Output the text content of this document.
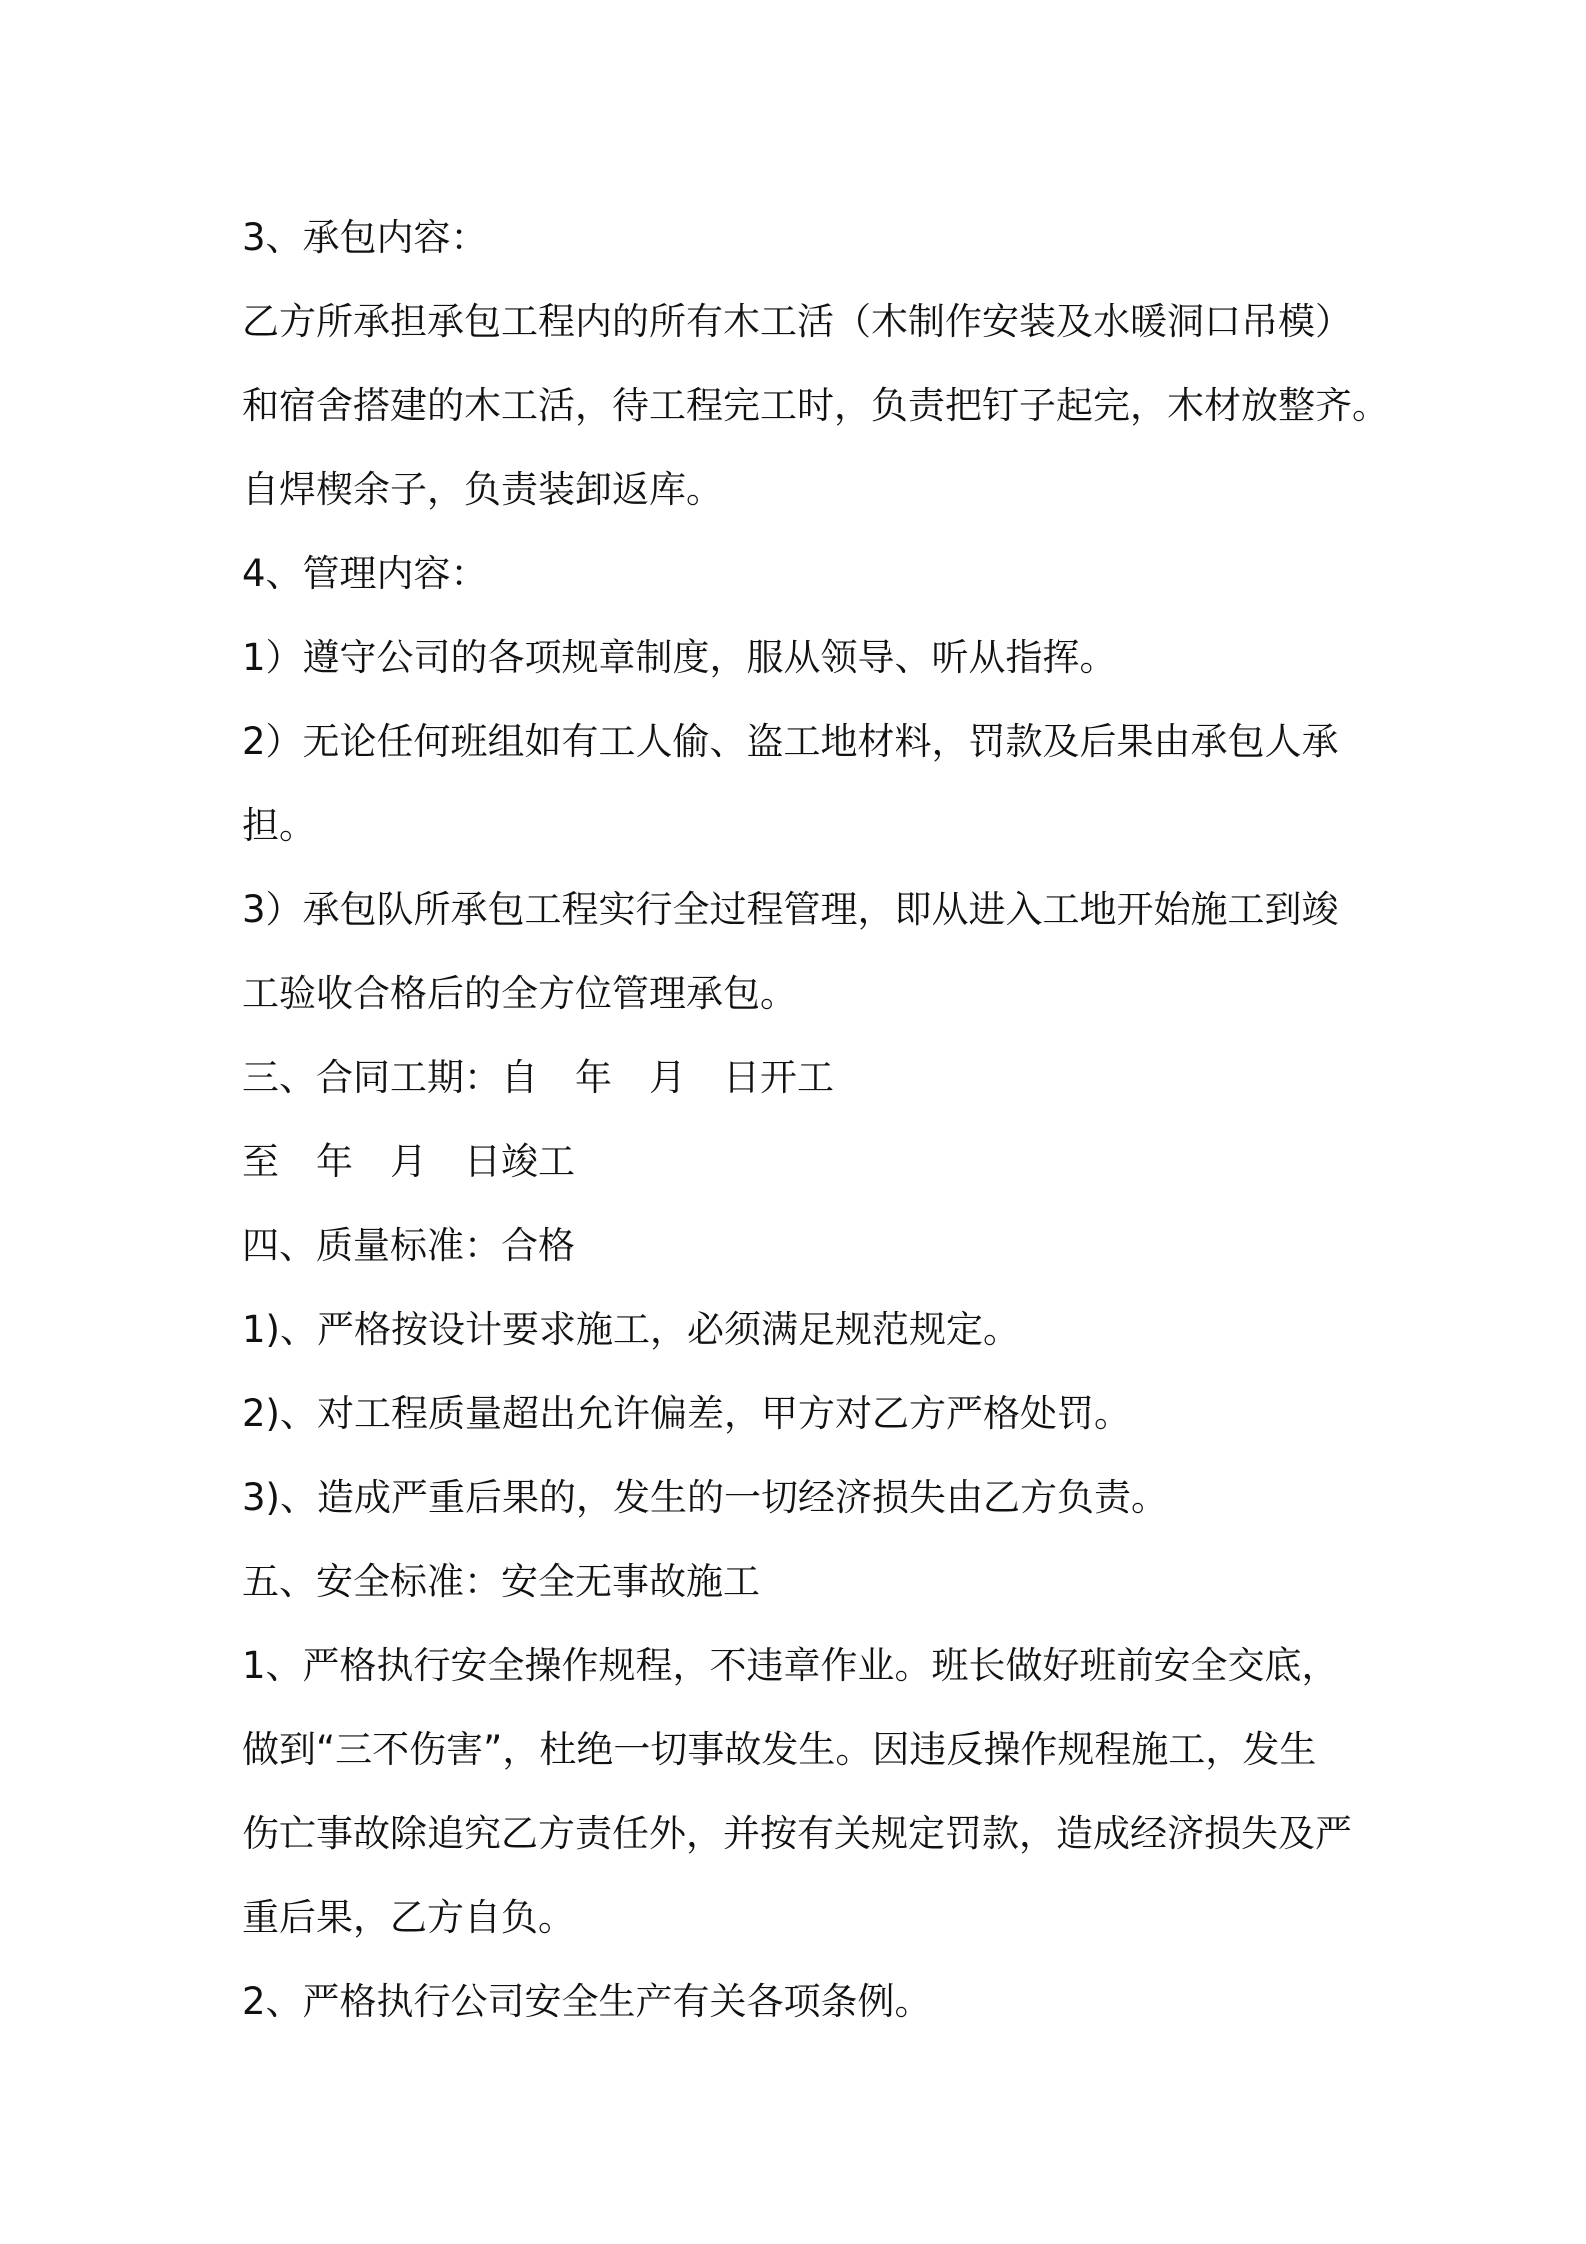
3、承包内容：
乙方所承担承包工程内的所有木工活（木制作安装及水暖洞口吊模）
和宿舍搭建的木工活，待工程完工时，负责把钉子起完，木材放整齐。
自焊楔余子，负责装卸返库。
4、管理内容：
1）遵守公司的各项规章制度，服从领导、听从指挥。
2）无论任何班组如有工人偷、盗工地材料，罚款及后果由承包人承
担。
3）承包队所承包工程实行全过程管理，即从进入工地开始施工到竣
工验收合格后的全方位管理承包。
三、合同工期：自　年　月　日开工
至　年　月　日竣工
四、质量标准：合格
1)、严格按设计要求施工，必须满足规范规定。
2)、对工程质量超出允许偏差，甲方对乙方严格处罚。
3)、造成严重后果的，发生的一切经济损失由乙方负责。
五、安全标准：安全无事故施工
1、严格执行安全操作规程，不违章作业。班长做好班前安全交底，
做到“三不伤害”，杜绝一切事故发生。因违反操作规程施工，发生
伤亡事故除追究乙方责任外，并按有关规定罚款，造成经济损失及严
重后果，乙方自负。
2、严格执行公司安全生产有关各项条例。
